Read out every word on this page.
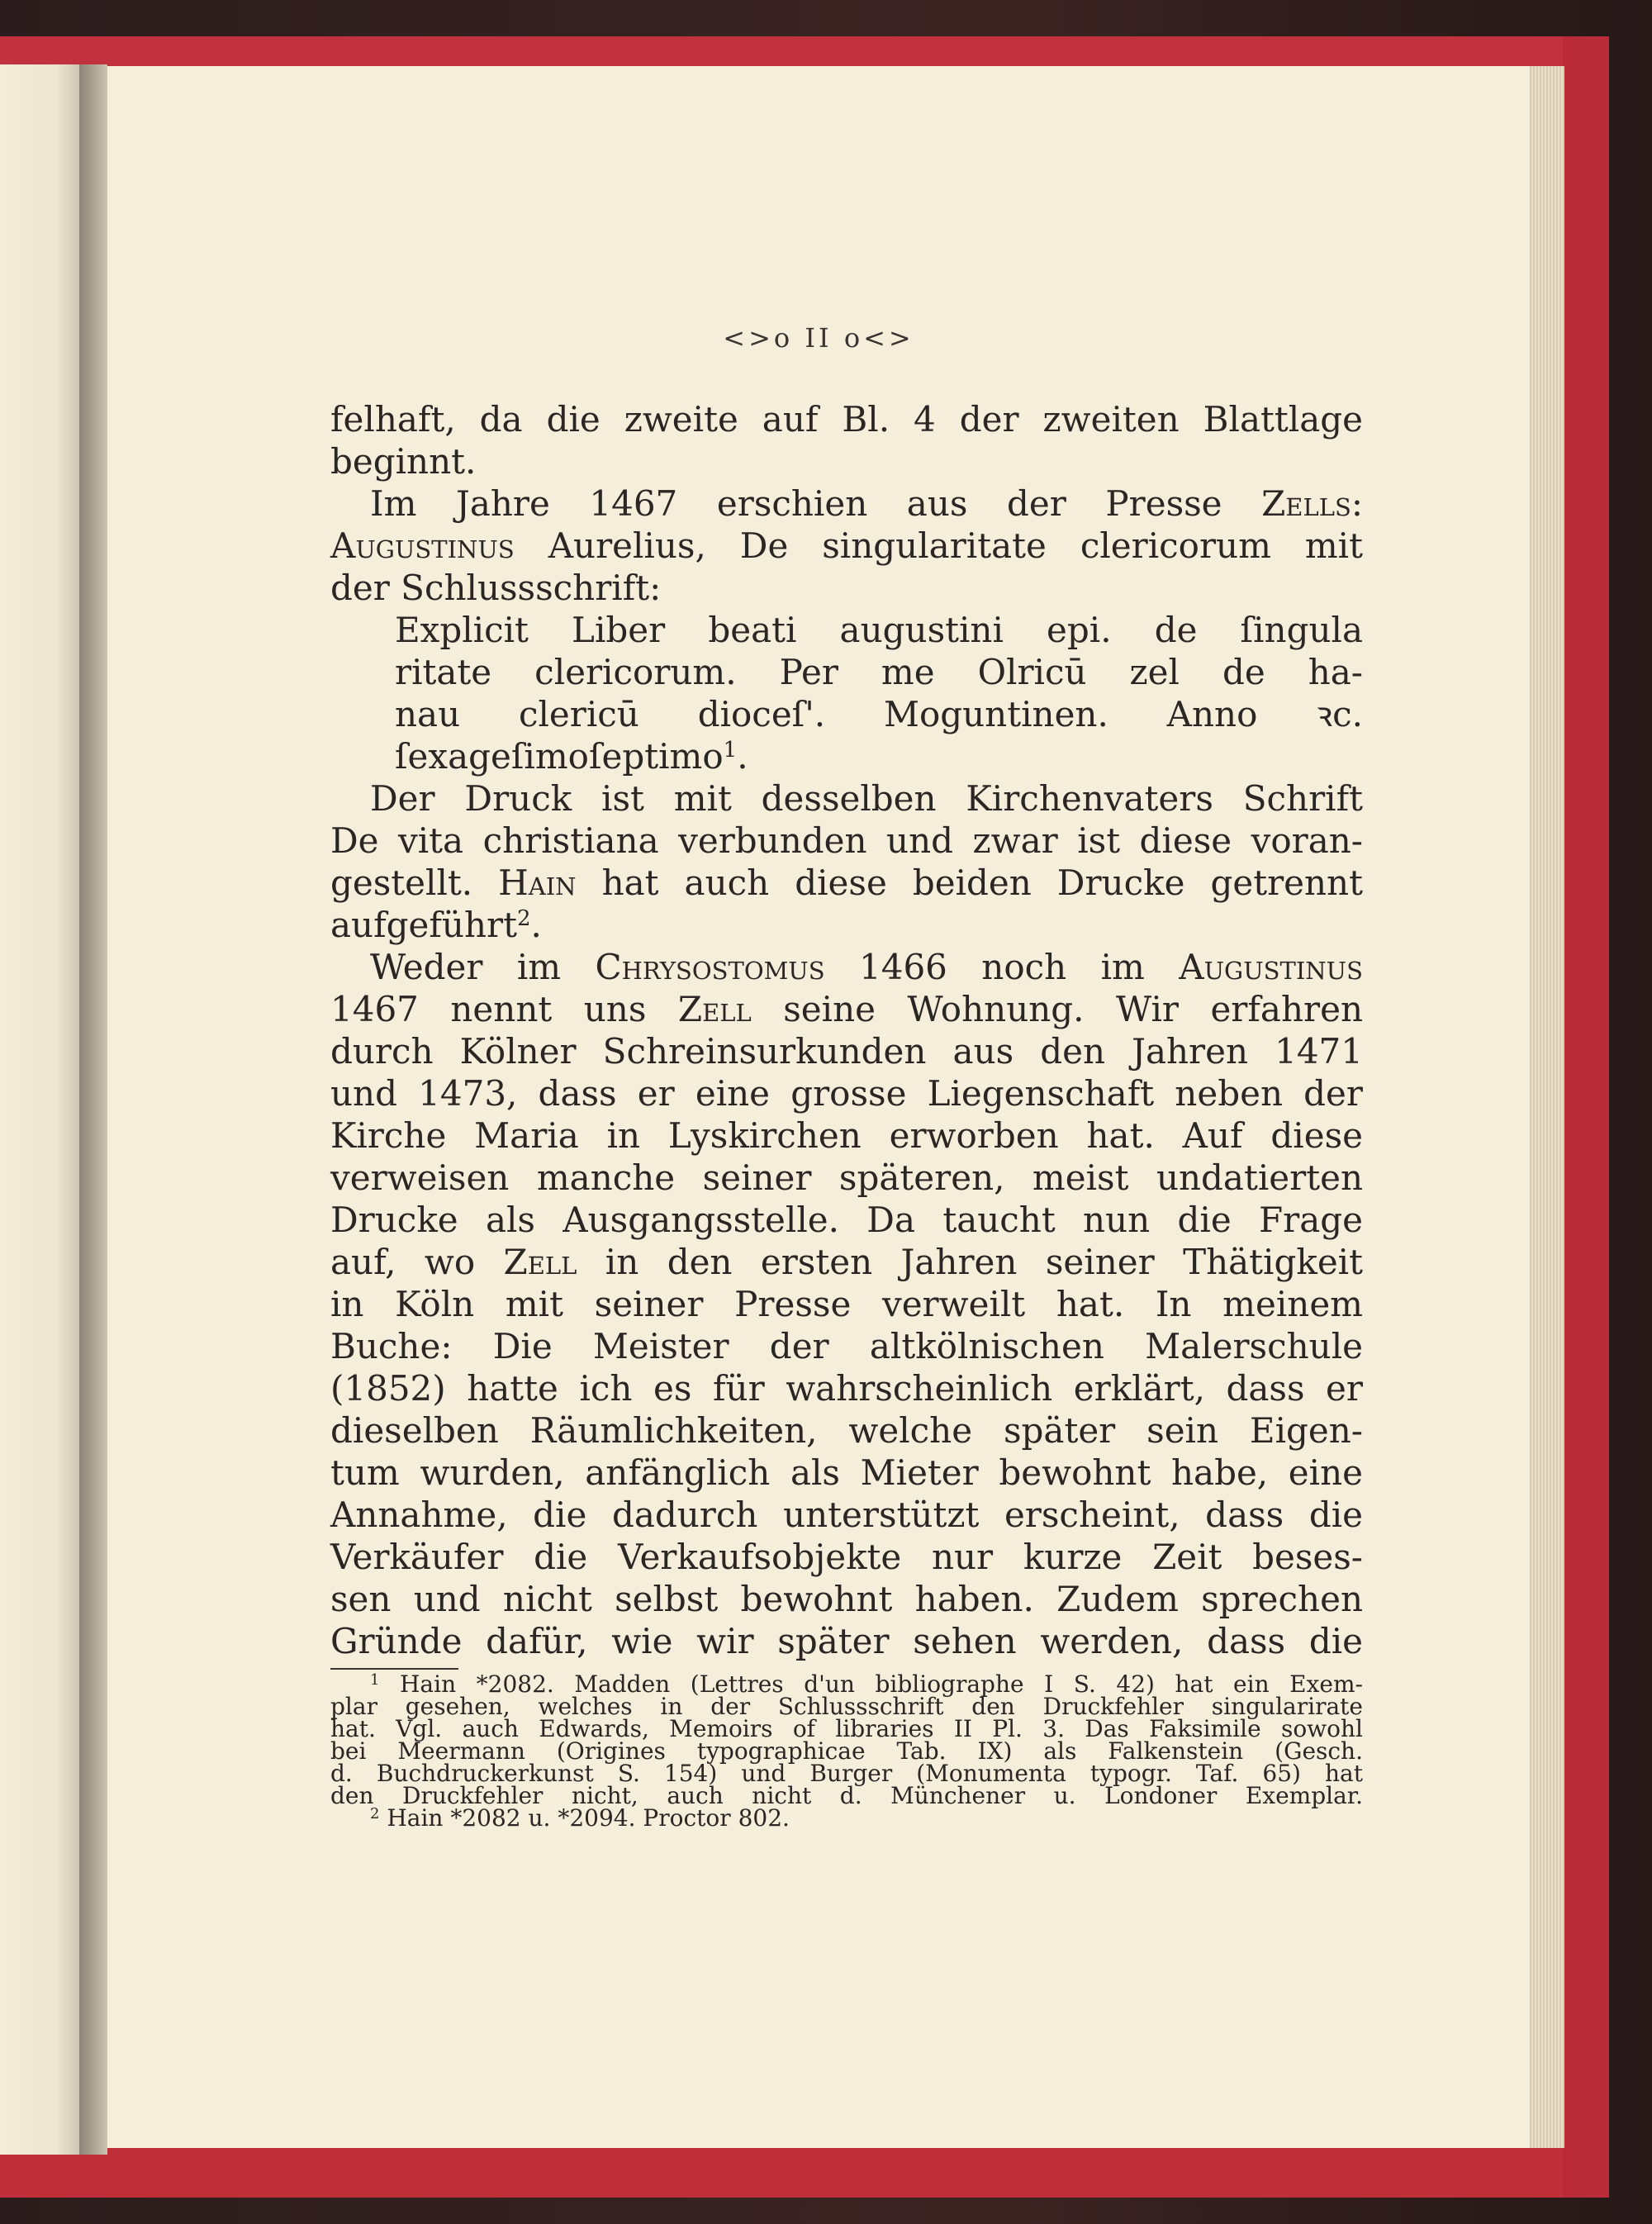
<>o II o<>
felhaft, da die zweite auf Bl. 4 der zweiten Blattlage
beginnt.
Im Jahre 1467 erschien aus der Presse Zells:
Augustinus Aurelius, De singularitate clericorum mit
der Schlussschrift:
Explicit Liber beati augustini epi. de ſingula
ritate clericorum. Per me Olricū zel de ha-
nau clericū dioceſ'. Moguntinen. Anno ꝛc.
ſexageſimoſeptimo$^1$.
Der Druck ist mit desselben Kirchenvaters Schrift
De vita christiana verbunden und zwar ist diese voran-
gestellt. Hain hat auch diese beiden Drucke getrennt
aufgeführt$^2$.
Weder im Chrysostomus 1466 noch im Augustinus
1467 nennt uns Zell seine Wohnung. Wir erfahren
durch Kölner Schreinsurkunden aus den Jahren 1471
und 1473, dass er eine grosse Liegenschaft neben der
Kirche Maria in Lyskirchen erworben hat. Auf diese
verweisen manche seiner späteren, meist undatierten
Drucke als Ausgangsstelle. Da taucht nun die Frage
auf, wo Zell in den ersten Jahren seiner Thätigkeit
in Köln mit seiner Presse verweilt hat. In meinem
Buche: Die Meister der altkölnischen Malerschule
(1852) hatte ich es für wahrscheinlich erklärt, dass er
dieselben Räumlichkeiten, welche später sein Eigen-
tum wurden, anfänglich als Mieter bewohnt habe, eine
Annahme, die dadurch unterstützt erscheint, dass die
Verkäufer die Verkaufsobjekte nur kurze Zeit beses-
sen und nicht selbst bewohnt haben. Zudem sprechen
Gründe dafür, wie wir später sehen werden, dass die
$^1$ Hain *2082. Madden (Lettres d'un bibliographe I S. 42) hat ein Exem-
plar gesehen, welches in der Schlussschrift den Druckfehler singularirate
hat. Vgl. auch Edwards, Memoirs of libraries II Pl. 3. Das Faksimile sowohl
bei Meermann (Origines typographicae Tab. IX) als Falkenstein (Gesch.
d. Buchdruckerkunst S. 154) und Burger (Monumenta typogr. Taf. 65) hat
den Druckfehler nicht, auch nicht d. Münchener u. Londoner Exemplar.
$^2$ Hain *2082 u. *2094. Proctor 802.
